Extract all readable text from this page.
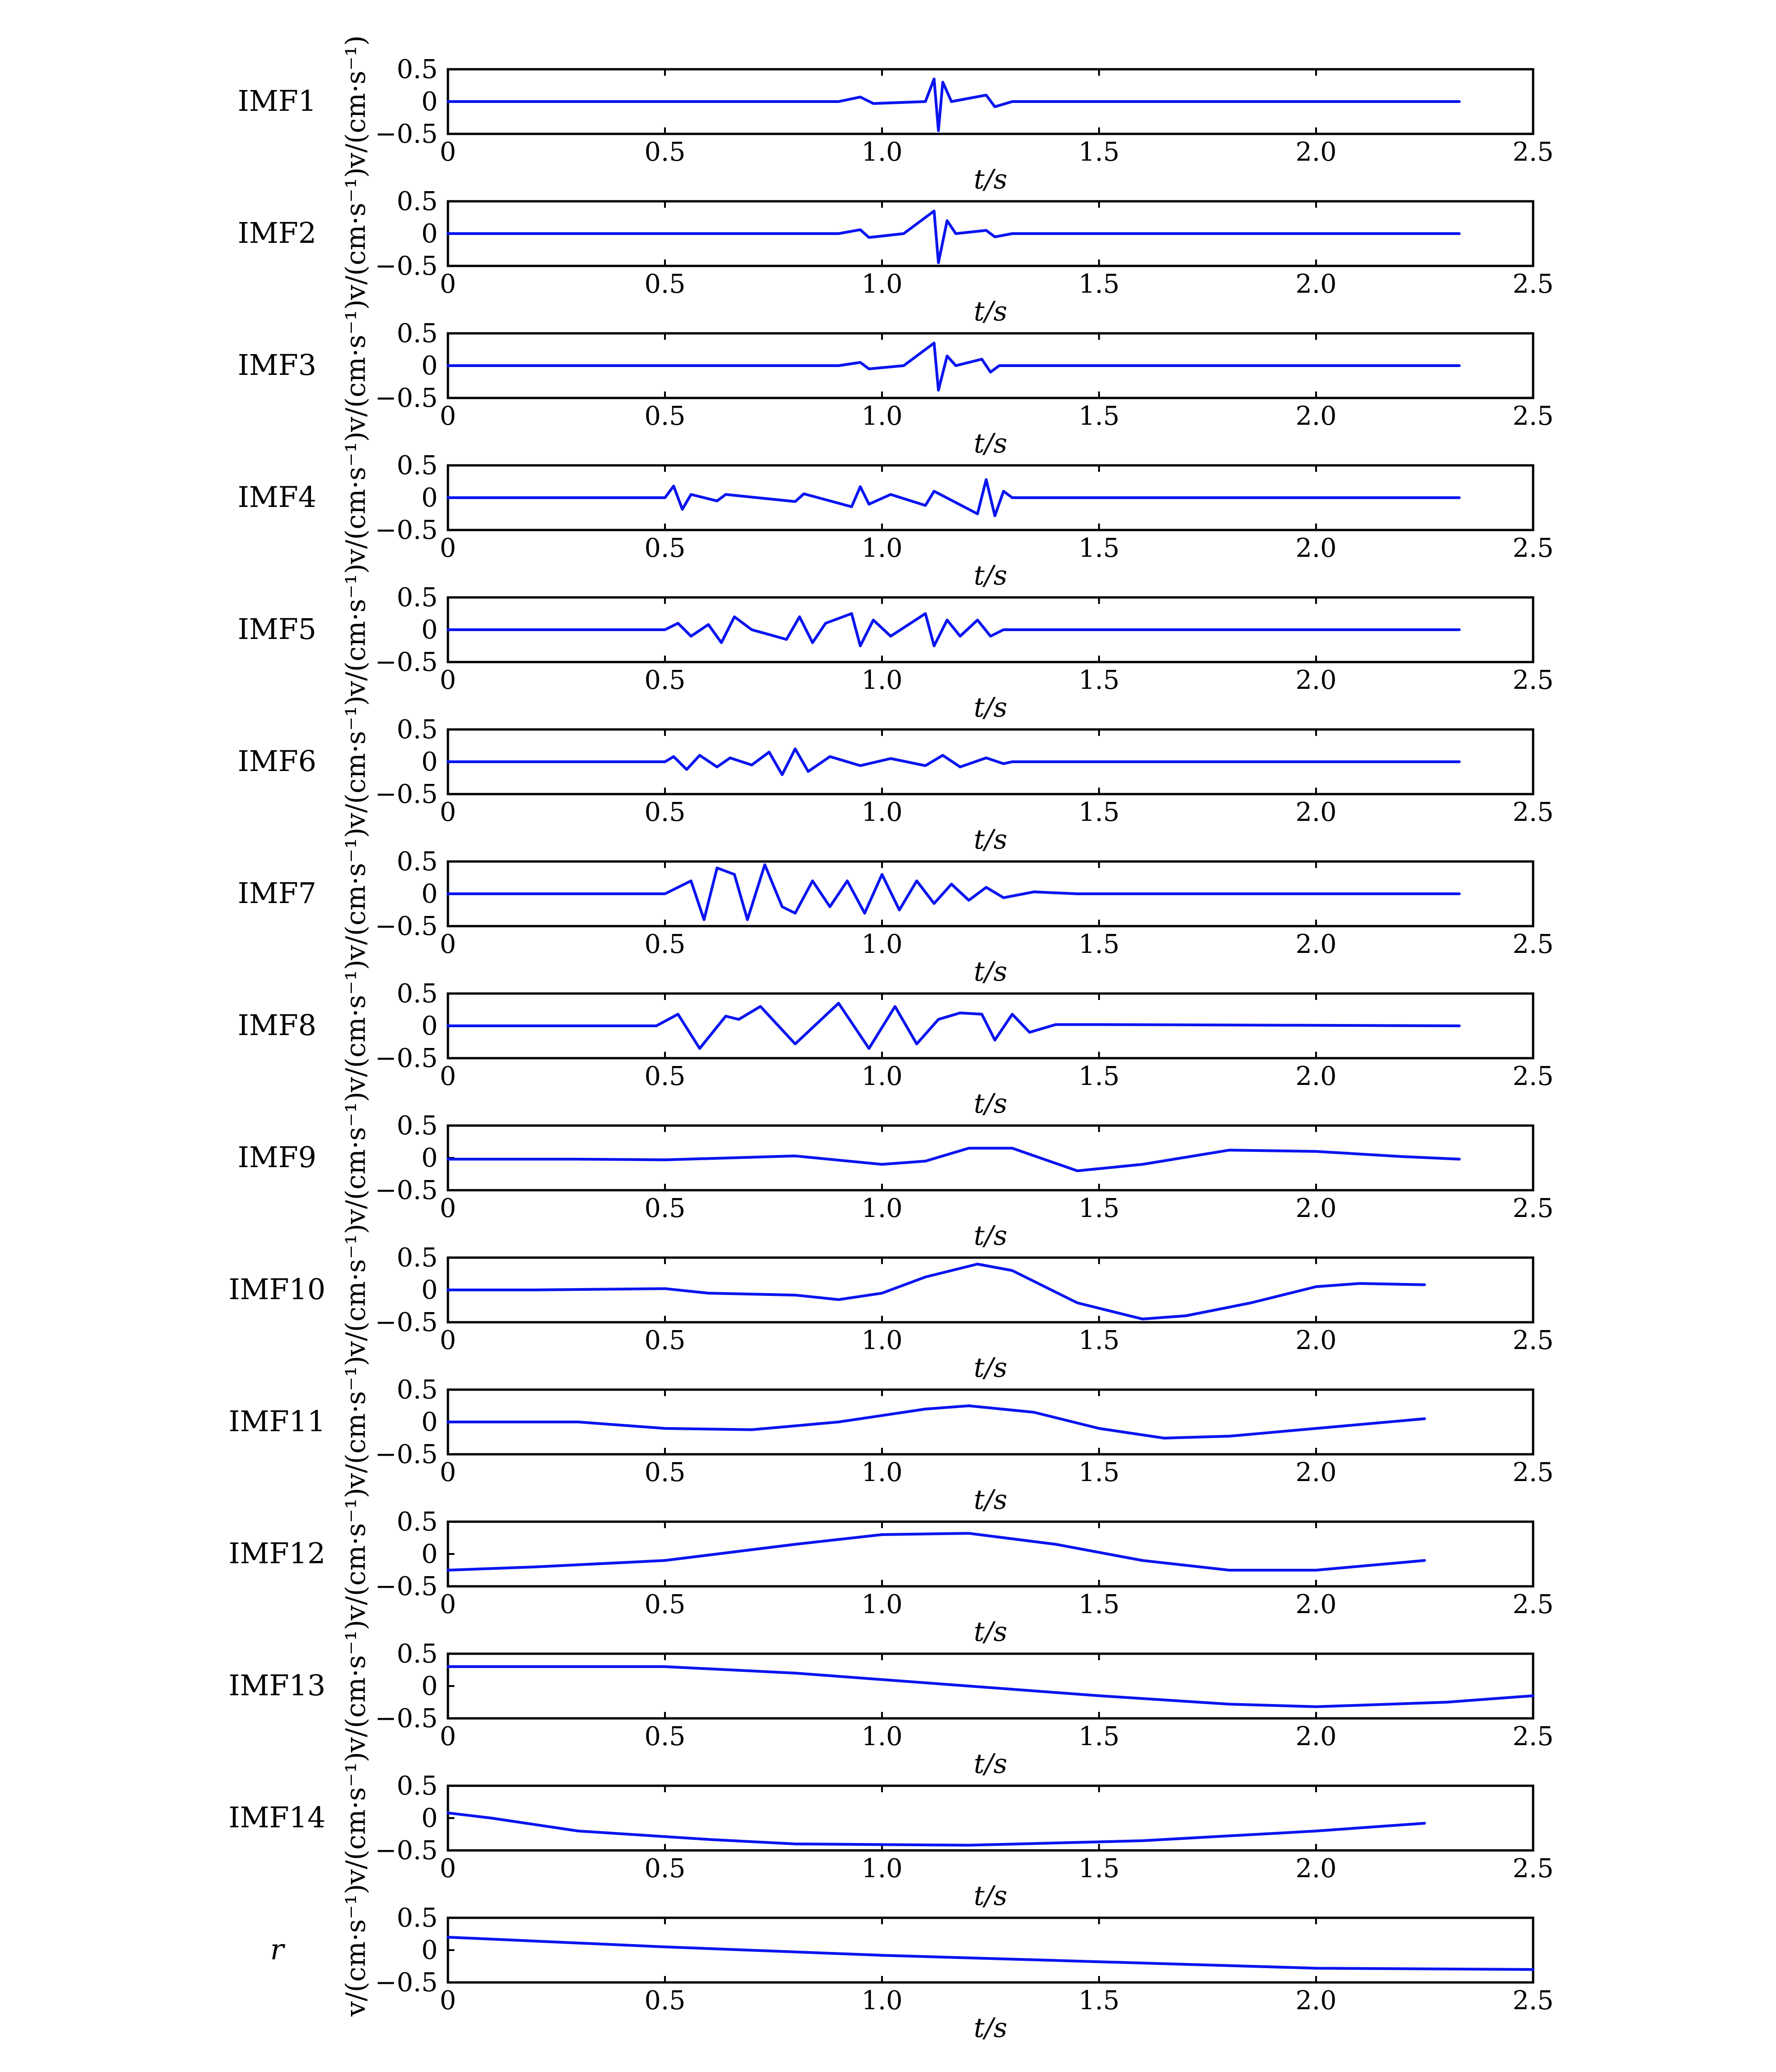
IMF1 v/(cm·s⁻¹) 0.5
0
−0.5
0	0.5	1.0	1.5	2.0	2.5
t/s
IMF2 v/(cm·s⁻¹) 0.5
0
−0.5
0	0.5	1.0	1.5	2.0	2.5
t/s
IMF3 v/(cm·s⁻¹) 0.5
0
−0.5
0	0.5	1.0	1.5	2.0	2.5
t/s
IMF4 v/(cm·s⁻¹) 0.5
0
−0.5
0	0.5	1.0	1.5	2.0	2.5
t/s
IMF5 v/(cm·s⁻¹) 0.5
0
−0.5
0	0.5	1.0	1.5	2.0	2.5
t/s
IMF6 v/(cm·s⁻¹) 0.5
0
−0.5
0	0.5	1.0	1.5	2.0	2.5
t/s
IMF7 v/(cm·s⁻¹) 0.5
0
−0.5
0	0.5	1.0	1.5	2.0	2.5
t/s
IMF8 v/(cm·s⁻¹) 0.5
0
−0.5
0	0.5	1.0	1.5	2.0	2.5
t/s
IMF9 v/(cm·s⁻¹) 0.5
0
−0.5
0	0.5	1.0	1.5	2.0	2.5
t/s
IMF10 v/(cm·s⁻¹) 0.5
0
−0.5
0	0.5	1.0	1.5	2.0	2.5
t/s
IMF11 v/(cm·s⁻¹) 0.5
0
−0.5
0	0.5	1.0	1.5	2.0	2.5
t/s
IMF12 v/(cm·s⁻¹) 0.5
0
−0.5
0	0.5	1.0	1.5	2.0	2.5
t/s
IMF13 v/(cm·s⁻¹) 0.5
0
−0.5
0	0.5	1.0	1.5	2.0	2.5
t/s
IMF14 v/(cm·s⁻¹) 0.5
0
−0.5
0	0.5	1.0	1.5	2.0	2.5
t/s
r v/(cm·s⁻¹) 0.5
0
−0.5
0	0.5	1.0	1.5	2.0	2.5
t/s
